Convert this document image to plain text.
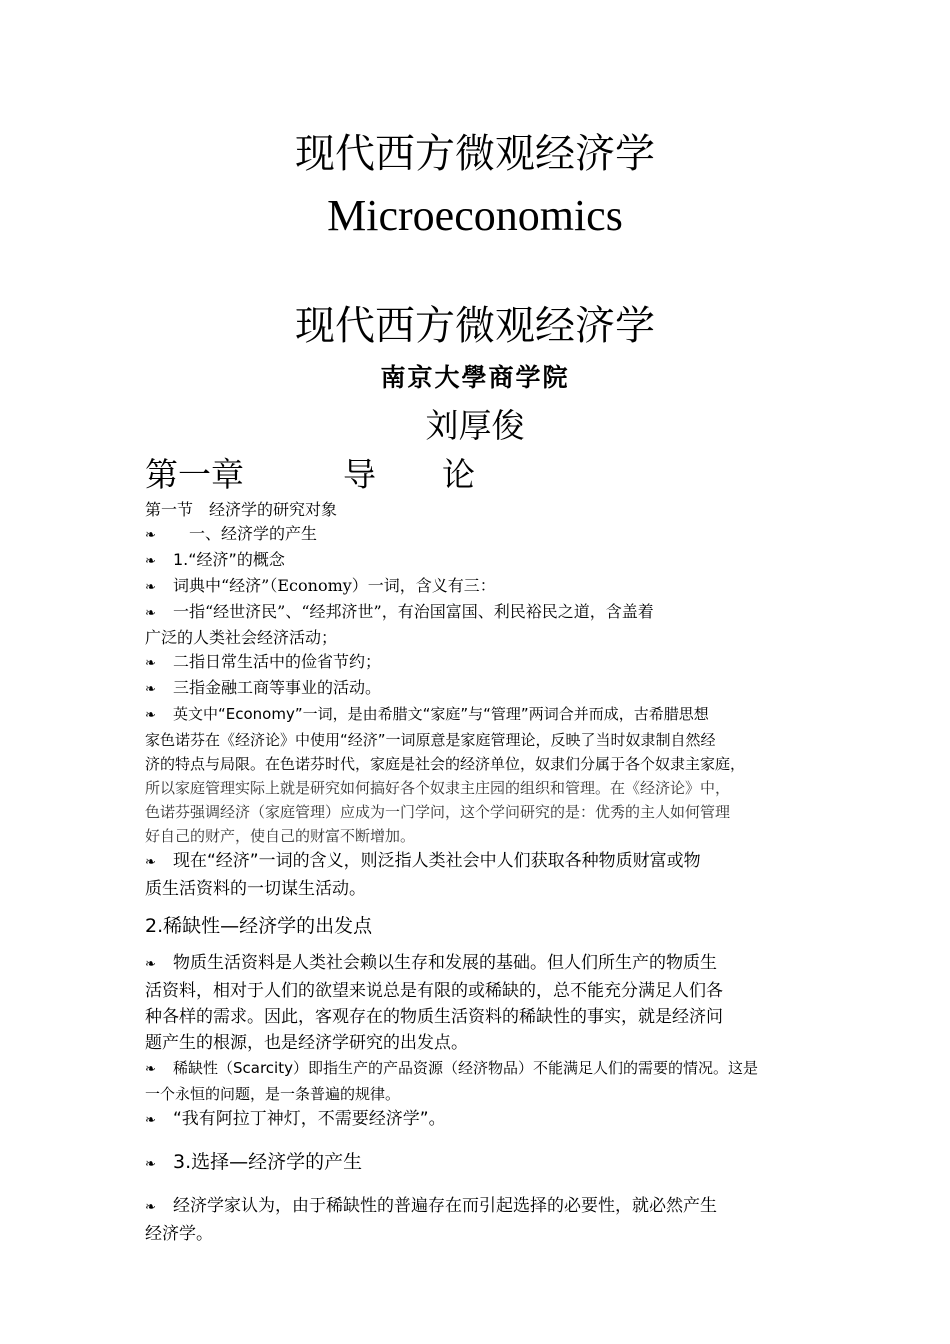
现代西方微观经济学
Microeconomics
现代西方微观经济学
南京大學商学院
刘厚俊
第一章　　　导　　论
第一节　经济学的研究对象
❧　一、经济学的产生
❧ 1.“经济”的概念
❧ 词典中“经济”（Economy）一词，含义有三：
❧ 一指“经世济民”、“经邦济世”，有治国富国、利民裕民之道，含盖着
广泛的人类社会经济活动；
❧ 二指日常生活中的俭省节约；
❧ 三指金融工商等事业的活动。
❧ 英文中“Economy”一词，是由希腊文“家庭”与“管理”两词合并而成，古希腊思想
家色诺芬在《经济论》中使用“经济”一词原意是家庭管理论，反映了当时奴隶制自然经
济的特点与局限。在色诺芬时代，家庭是社会的经济单位，奴隶们分属于各个奴隶主家庭，
所以家庭管理实际上就是研究如何搞好各个奴隶主庄园的组织和管理。在《经济论》中，
色诺芬强调经济（家庭管理）应成为一门学问，这个学问研究的是：优秀的主人如何管理
好自己的财产，使自己的财富不断增加。
❧ 现在“经济”一词的含义，则泛指人类社会中人们获取各种物质财富或物
质生活资料的一切谋生活动。
2.稀缺性—经济学的出发点
❧ 物质生活资料是人类社会赖以生存和发展的基础。但人们所生产的物质生
活资料，相对于人们的欲望来说总是有限的或稀缺的，总不能充分满足人们各
种各样的需求。因此，客观存在的物质生活资料的稀缺性的事实，就是经济问
题产生的根源，也是经济学研究的出发点。
❧ 稀缺性（Scarcity）即指生产的产品资源（经济物品）不能满足人们的需要的情况。这是
一个永恒的问题，是一条普遍的规律。
❧ “我有阿拉丁神灯，不需要经济学”。
❧ 3.选择—经济学的产生
❧ 经济学家认为，由于稀缺性的普遍存在而引起选择的必要性，就必然产生
经济学。
